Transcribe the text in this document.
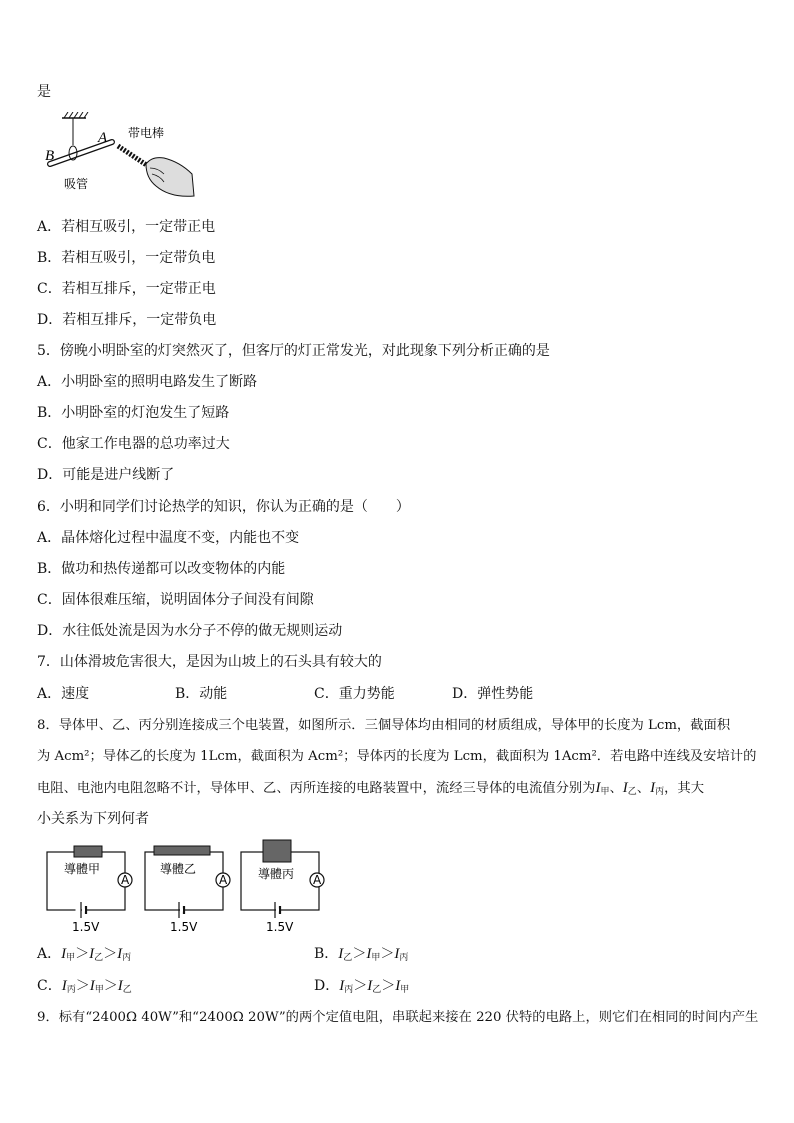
是
A
B
带电棒
吸管
A．若相互吸引，一定带正电
B．若相互吸引，一定带负电
C．若相互排斥，一定带正电
D．若相互排斥，一定带负电
5．傍晚小明卧室的灯突然灭了，但客厅的灯正常发光，对此现象下列分析正确的是
A．小明卧室的照明电路发生了断路
B．小明卧室的灯泡发生了短路
C．他家工作电器的总功率过大
D．可能是进户线断了
6．小明和同学们讨论热学的知识，你认为正确的是（　　）
A．晶体熔化过程中温度不变，内能也不变
B．做功和热传递都可以改变物体的内能
C．固体很难压缩，说明固体分子间没有间隙
D．水往低处流是因为水分子不停的做无规则运动
7．山体滑坡危害很大，是因为山坡上的石头具有较大的
A．速度	B．动能	C．重力势能	D．弹性势能
8．导体甲、乙、丙分别连接成三个电装置，如图所示．三個导体均由相同的材质组成，导体甲的长度为 Lcm，截面积
为 Acm²；导体乙的长度为 1Lcm，截面积为 Acm²；导体丙的长度为 Lcm，截面积为 1Acm²．若电路中连线及安培计的
电阻、电池内电阻忽略不计，导体甲、乙、丙所连接的电路装置中，流经三导体的电流值分别为$I_甲$、$I_乙$、$I_丙$，其大
小关系为下列何者
導體甲
A
1.5V
導體乙
A
1.5V
導體丙 A
1.5V
A．$I_甲>I_乙>I_丙$	B．$I_乙>I_甲>I_丙$
C．$I_丙>I_甲>I_乙$	D．$I_丙>I_乙>I_甲$
9．标有“2400Ω 40W”和“2400Ω 20W”的两个定值电阻，串联起来接在 220 伏特的电路上，则它们在相同的时间内产生
